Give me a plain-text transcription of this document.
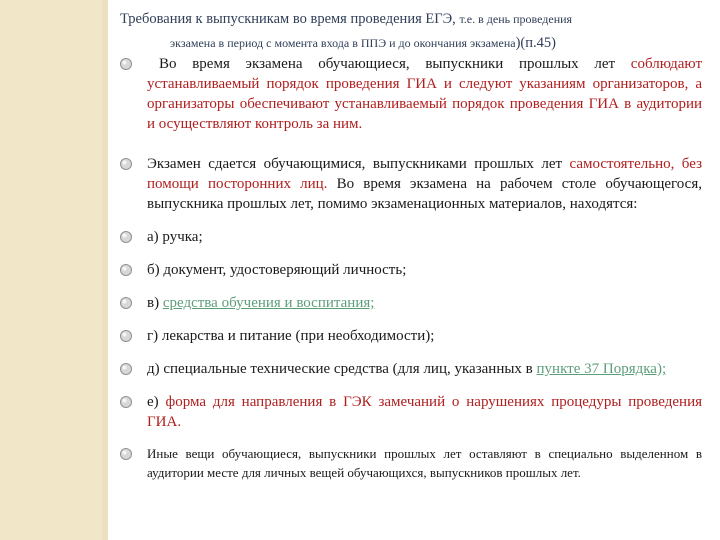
Требования к выпускникам во время проведения ЕГЭ, т.е. в день проведения
экзамена в период с момента входа в ППЭ и до окончания экзамена)(п.45)
Во время экзамена обучающиеся, выпускники прошлых лет соблюдают устанавливаемый порядок проведения ГИА и следуют указаниям организаторов, а организаторы обеспечивают устанавливаемый порядок проведения ГИА в аудитории и осуществляют контроль за ним.
Экзамен сдается обучающимися, выпускниками прошлых лет самостоятельно, без помощи посторонних лиц. Во время экзамена на рабочем столе обучающегося, выпускника прошлых лет, помимо экзаменационных материалов, находятся:
а) ручка;
б) документ, удостоверяющий личность;
в) средства обучения и воспитания;
г) лекарства и питание (при необходимости);
д) специальные технические средства (для лиц, указанных в пункте 37 Порядка);
е) форма для направления в ГЭК замечаний о нарушениях процедуры проведения ГИА.
Иные вещи обучающиеся, выпускники прошлых лет оставляют в специально выделенном в аудитории месте для личных вещей обучающихся, выпускников прошлых лет.
